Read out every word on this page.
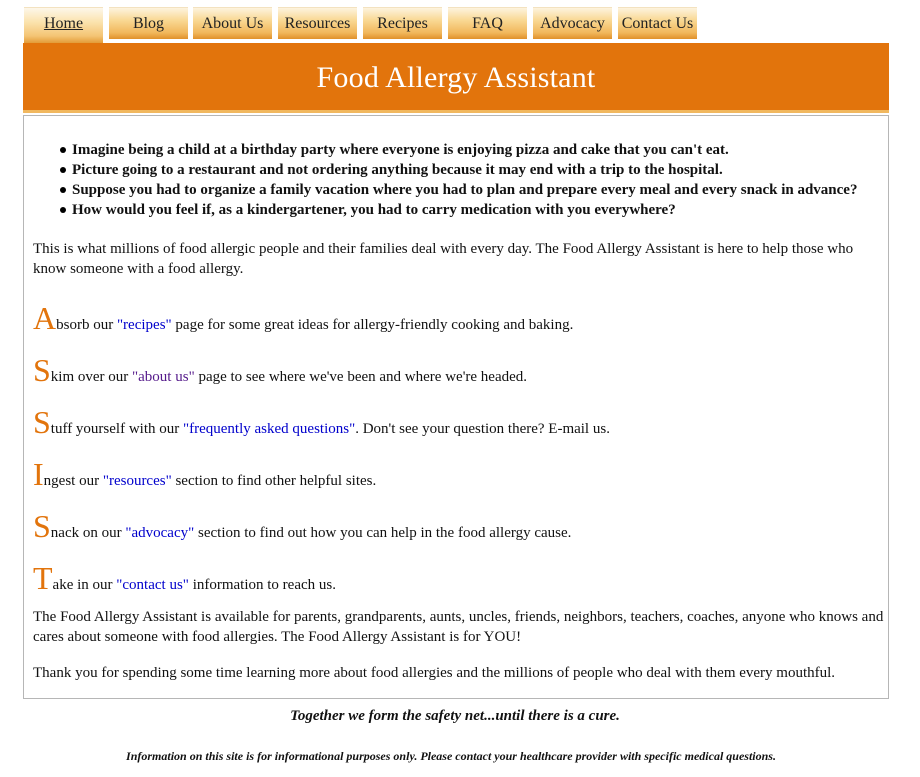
Home	Blog	About Us	Resources	Recipes	FAQ	Advocacy	Contact Us
Food Allergy Assistant
Imagine being a child at a birthday party where everyone is enjoying pizza and cake that you can't eat.
Picture going to a restaurant and not ordering anything because it may end with a trip to the hospital.
Suppose you had to organize a family vacation where you had to plan and prepare every meal and every snack in advance?
How would you feel if, as a kindergartener, you had to carry medication with you everywhere?

This is what millions of food allergic people and their families deal with every day. The Food Allergy Assistant is here to help those who know someone with a food allergy.

Absorb our "recipes" page for some great ideas for allergy-friendly cooking and baking.

Skim over our "about us" page to see where we've been and where we're headed.

Stuff yourself with our "frequently asked questions". Don't see your question there? E-mail us.

Ingest our "resources" section to find other helpful sites.

Snack on our "advocacy" section to find out how you can help in the food allergy cause.

Take in our "contact us" information to reach us.

The Food Allergy Assistant is available for parents, grandparents, aunts, uncles, friends, neighbors, teachers, coaches, anyone who knows and cares about someone with food allergies. The Food Allergy Assistant is for YOU!

Thank you for spending some time learning more about food allergies and the millions of people who deal with them every mouthful.

Together we form the safety net...until there is a cure.
Information on this site is for informational purposes only. Please contact your healthcare provider with specific medical questions.
